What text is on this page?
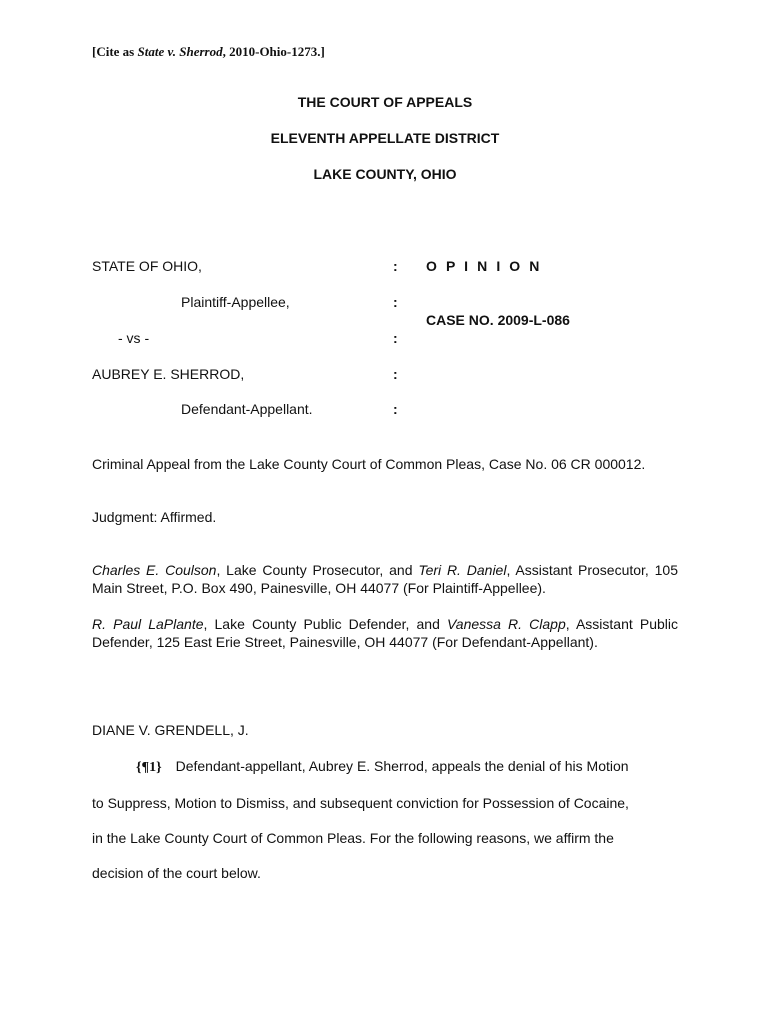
[Cite as State v. Sherrod, 2010-Ohio-1273.]
THE COURT OF APPEALS
ELEVENTH APPELLATE DISTRICT
LAKE COUNTY, OHIO
STATE OF OHIO,
Plaintiff-Appellee,
- vs -
AUBREY E. SHERROD,
Defendant-Appellant.
:
:
:
:
:
O P I N I O N
CASE NO. 2009-L-086
Criminal Appeal from the Lake County Court of Common Pleas, Case No. 06 CR 000012.
Judgment: Affirmed.
Charles E. Coulson, Lake County Prosecutor, and Teri R. Daniel, Assistant Prosecutor, 105 Main Street, P.O. Box 490, Painesville, OH 44077 (For Plaintiff-Appellee).
R. Paul LaPlante, Lake County Public Defender, and Vanessa R. Clapp, Assistant Public Defender, 125 East Erie Street, Painesville, OH 44077 (For Defendant-Appellant).
DIANE V. GRENDELL, J.
{¶1} Defendant-appellant, Aubrey E. Sherrod, appeals the denial of his Motion
to Suppress, Motion to Dismiss, and subsequent conviction for Possession of Cocaine,
in the Lake County Court of Common Pleas. For the following reasons, we affirm the
decision of the court below.
